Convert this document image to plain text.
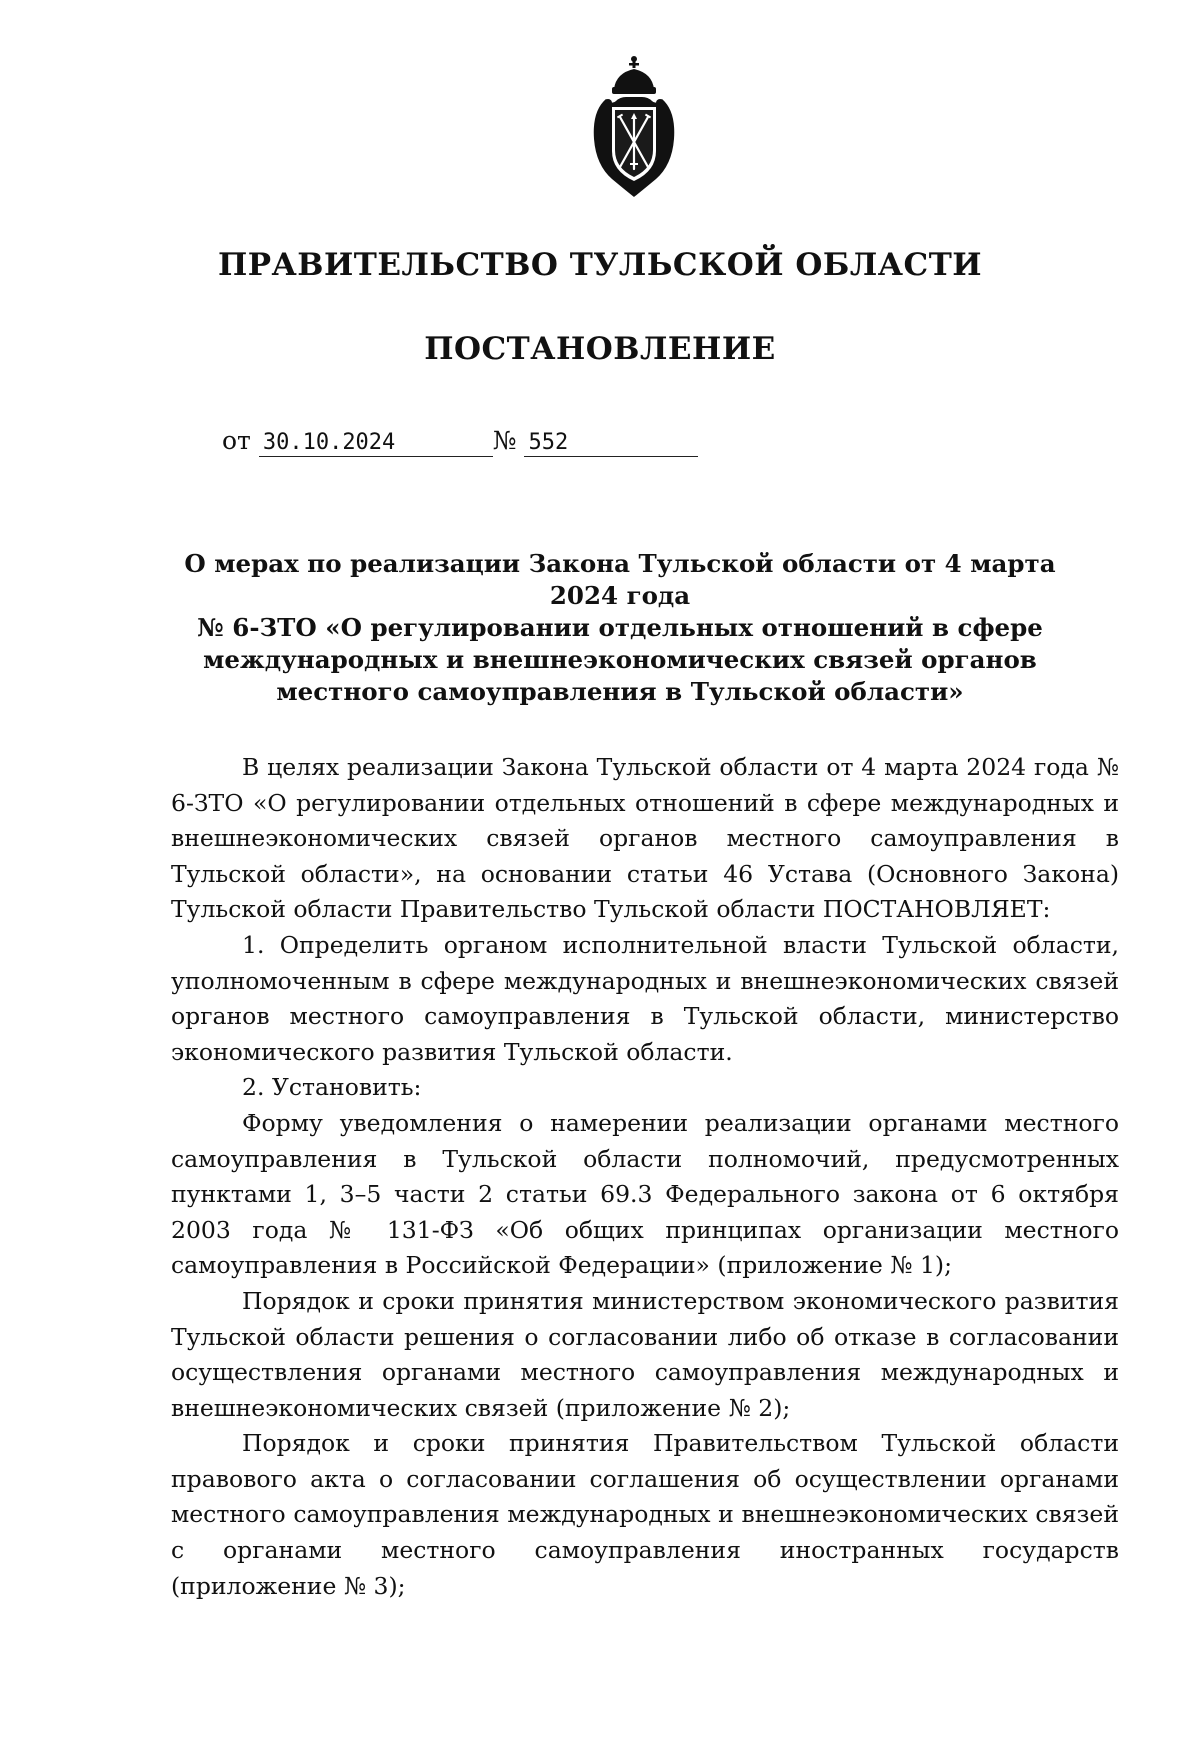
ПРАВИТЕЛЬСТВО ТУЛЬСКОЙ ОБЛАСТИ
ПОСТАНОВЛЕНИЕ
от 30.10.2024	№ 552
О мерах по реализации Закона Тульской области от 4 марта 2024 года
№ 6-ЗТО «О регулировании отдельных отношений в сфере
международных и внешнеэкономических связей органов
местного самоуправления в Тульской области»

В целях реализации Закона Тульской области от 4 марта 2024 года № 6-ЗТО «О регулировании отдельных отношений в сфере международных и внешнеэкономических связей органов местного самоуправления в Тульской области», на основании статьи 46 Устава (Основного Закона) Тульской области Правительство Тульской области ПОСТАНОВЛЯЕТ:

1. Определить органом исполнительной власти Тульской области, уполномоченным в сфере международных и внешнеэкономических связей органов местного самоуправления в Тульской области, министерство экономического развития Тульской области.

2. Установить:

Форму уведомления о намерении реализации органами местного самоуправления в Тульской области полномочий, предусмотренных пунктами 1, 3–5 части 2 статьи 69.3 Федерального закона от 6 октября 2003 года № 131-ФЗ «Об общих принципах организации местного самоуправления в Российской Федерации» (приложение № 1);

Порядок и сроки принятия министерством экономического развития Тульской области решения о согласовании либо об отказе в согласовании осуществления органами местного самоуправления международных и внешнеэкономических связей (приложение № 2);

Порядок и сроки принятия Правительством Тульской области правового акта о согласовании соглашения об осуществлении органами местного самоуправления международных и внешнеэкономических связей с органами местного самоуправления иностранных государств (приложение № 3);
